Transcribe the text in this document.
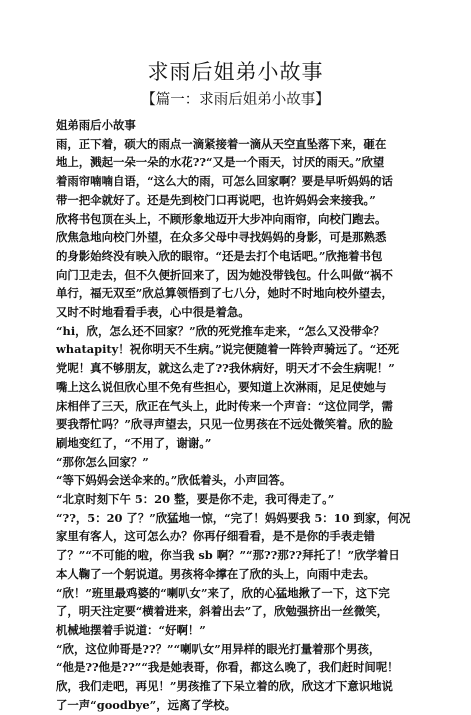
求雨后姐弟小故事
【篇一：求雨后姐弟小故事】
姐弟雨后小故事
雨，正下着，硕大的雨点一滴紧接着一滴从天空直坠落下来，砸在
地上，溅起一朵一朵的水花??“又是一个雨天，讨厌的雨天。”欣望
着雨帘喃喃自语，“这么大的雨，可怎么回家啊？要是早听妈妈的话
带一把伞就好了。还是先到校门口再说吧，也许妈妈会来接我。”
欣将书包顶在头上，不顾形象地迈开大步冲向雨帘，向校门跑去。
欣焦急地向校门外望，在众多父母中寻找妈妈的身影，可是那熟悉
的身影始终没有映入欣的眼帘。“还是去打个电话吧。”欣拖着书包
向门卫走去，但不久便折回来了，因为她没带钱包。什么叫做“祸不
单行，福无双至”欣总算领悟到了七八分，她时不时地向校外望去，
又时不时地看看手表，心中很是着急。
“hi，欣，怎么还不回家？”欣的死党推车走来，“怎么又没带伞？
whatapity！祝你明天不生病。”说完便随着一阵铃声骑远了。“还死
党呢！真不够朋友，就这么走了??我休病好，明天才不会生病呢！”
嘴上这么说但欣心里不免有些担心，要知道上次淋雨，足足使她与
床相伴了三天，欣正在气头上，此时传来一个声音：“这位同学，需
要我帮忙吗？”欣寻声望去，只见一位男孩在不远处微笑着。欣的脸
刷地变红了，“不用了，谢谢。”
“那你怎么回家？”
“等下妈妈会送伞来的。”欣低着头，小声回答。
“北京时刻下午 5：20 整，要是你不走，我可得走了。”
“??，5：20 了？”欣猛地一惊，“完了！妈妈要我 5：10 到家，何况
家里有客人，这可怎么办？你再仔细看看，是不是你的手表走错
了？”“不可能的啦，你当我 sb 啊？”“那??那??拜托了！”欣学着日
本人鞠了一个躬说道。男孩将伞撑在了欣的头上，向雨中走去。
“欣！”班里最鸡婆的“喇叭女”来了，欣的心猛地揪了一下，这下完
了，明天注定要“横着进来，斜着出去”了，欣勉强挤出一丝微笑，
机械地摆着手说道：“好啊！”
“欣，这位帅哥是??？”“喇叭女”用异样的眼光打量着那个男孩，
“他是??他是??”“我是她表哥，你看，都这么晚了，我们赶时间呢！
欣，我们走吧，再见！”男孩推了下呆立着的欣，欣这才下意识地说
了一声“goodbye”，远离了学校。
